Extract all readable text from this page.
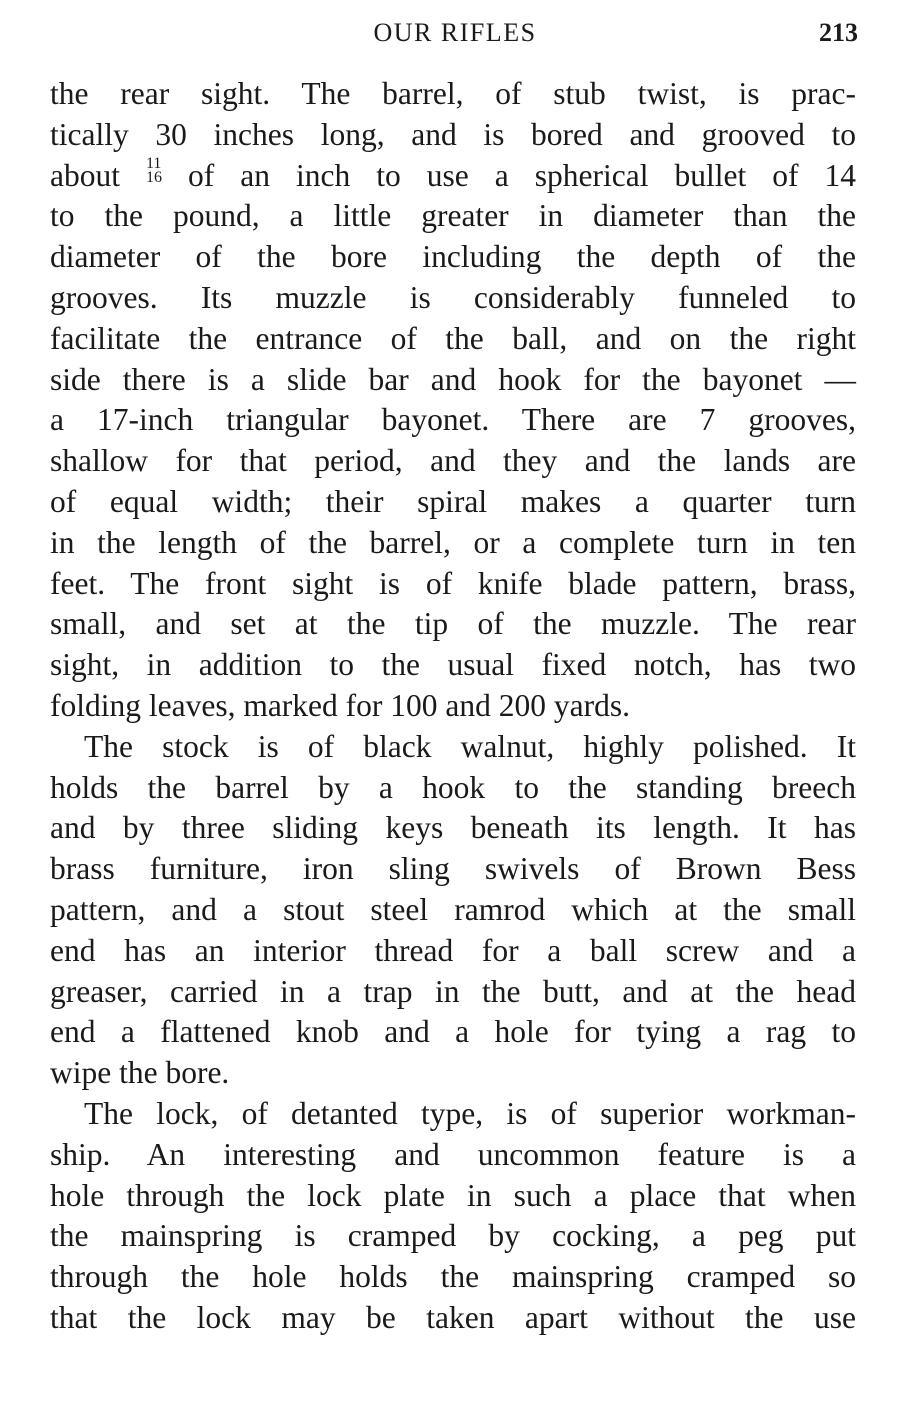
OUR RIFLES	213
the rear sight. The barrel, of stub twist, is prac-
tically 30 inches long, and is bored and grooved to
about 11
16 of an inch to use a spherical bullet of 14
to the pound, a little greater in diameter than the
diameter of the bore including the depth of the
grooves. Its muzzle is considerably funneled to
facilitate the entrance of the ball, and on the right
side there is a slide bar and hook for the bayonet —
a 17-inch triangular bayonet. There are 7 grooves,
shallow for that period, and they and the lands are
of equal width; their spiral makes a quarter turn
in the length of the barrel, or a complete turn in ten
feet. The front sight is of knife blade pattern, brass,
small, and set at the tip of the muzzle. The rear
sight, in addition to the usual fixed notch, has two
folding leaves, marked for 100 and 200 yards.
The stock is of black walnut, highly polished. It
holds the barrel by a hook to the standing breech
and by three sliding keys beneath its length. It has
brass furniture, iron sling swivels of Brown Bess
pattern, and a stout steel ramrod which at the small
end has an interior thread for a ball screw and a
greaser, carried in a trap in the butt, and at the head
end a flattened knob and a hole for tying a rag to
wipe the bore.
The lock, of detanted type, is of superior workman-
ship. An interesting and uncommon feature is a
hole through the lock plate in such a place that when
the mainspring is cramped by cocking, a peg put
through the hole holds the mainspring cramped so
that the lock may be taken apart without the use
